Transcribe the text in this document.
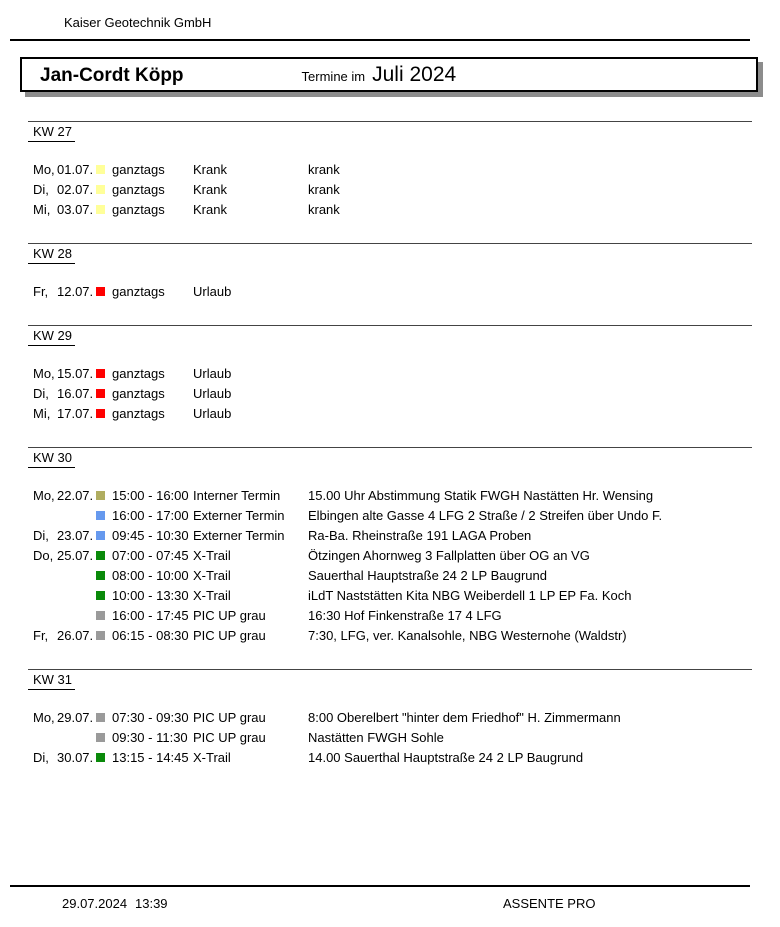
Kaiser Geotechnik GmbH
Jan-Cordt Köpp	Termine im Juli 2024
KW 27
Mo, 01.07. ganztags	Krank	krank
Di, 02.07. ganztags	Krank	krank
Mi, 03.07. ganztags	Krank	krank
KW 28
Fr, 12.07. ganztags	Urlaub
KW 29
Mo, 15.07. ganztags	Urlaub
Di, 16.07. ganztags	Urlaub
Mi, 17.07. ganztags	Urlaub
KW 30
Mo, 22.07. 15:00 - 16:00 Interner Termin	15.00 Uhr Abstimmung Statik FWGH Nastätten Hr. Wensing
16:00 - 17:00 Externer Termin	Elbingen alte Gasse 4 LFG 2 Straße / 2 Streifen über Undo F.
Di, 23.07. 09:45 - 10:30 Externer Termin	Ra-Ba. Rheinstraße 191 LAGA Proben
Do, 25.07. 07:00 - 07:45 X-Trail	Ötzingen Ahornweg 3 Fallplatten über OG an VG
08:00 - 10:00 X-Trail	Sauerthal Hauptstraße 24 2 LP Baugrund
10:00 - 13:30 X-Trail	iLdT Naststätten Kita NBG Weiberdell 1 LP EP Fa. Koch
16:00 - 17:45 PIC UP grau	16:30 Hof Finkenstraße 17 4 LFG
Fr, 26.07. 06:15 - 08:30 PIC UP grau	7:30, LFG, ver. Kanalsohle, NBG Westernohe (Waldstr)
KW 31
Mo, 29.07. 07:30 - 09:30 PIC UP grau	8:00 Oberelbert "hinter dem Friedhof" H. Zimmermann
09:30 - 11:30 PIC UP grau	Nastätten FWGH Sohle
Di, 30.07. 13:15 - 14:45 X-Trail	14.00 Sauerthal Hauptstraße 24 2 LP Baugrund
29.07.2024 13:39	ASSENTE PRO
